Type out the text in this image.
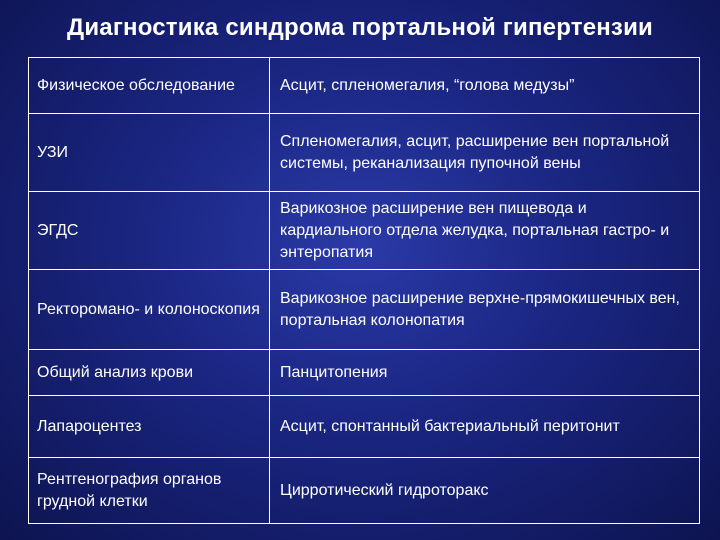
Диагностика синдрома портальной гипертензии
Физическое обследование	Асцит, спленомегалия, “голова медузы”
УЗИ	Спленомегалия, асцит, расширение вен портальной системы, реканализация пупочной вены
ЭГДС	Варикозное расширение вен пищевода и кардиального отдела желудка, портальная гастро- и энтеропатия
Ректороманo- и колоноскопия	Варикозное расширение верхне-прямокишечных вен, портальная колонопатия
Общий анализ крови	Панцитопения
Лапароцентез	Асцит, спонтанный бактериальный перитонит
Рентгенография органов грудной клетки	Цирротический гидроторакс
